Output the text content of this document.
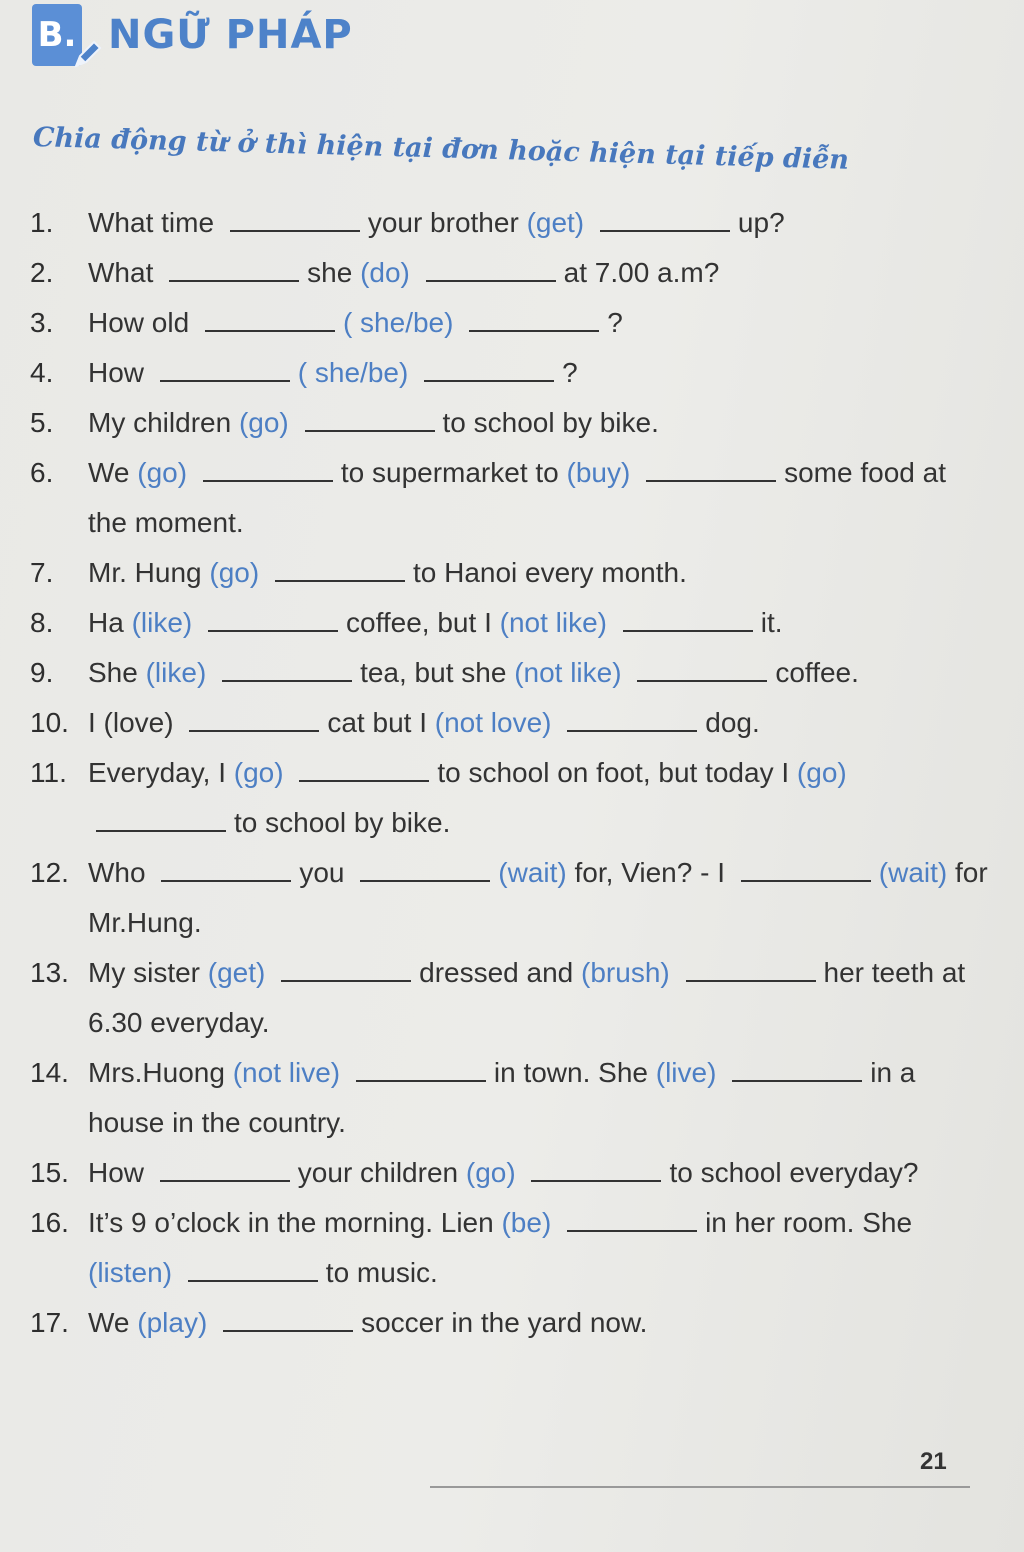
B. NGỮ PHÁP
Chia động từ ở thì hiện tại đơn hoặc hiện tại tiếp diễn
1.	What time	your brother (get)	up?
2.	What	she (do)	at 7.00 a.m?
3.	How old	( she/be)	?
4.	How	( she/be)	?
5.	My children (go)	to school by bike.
6.	We (go)	to supermarket to (buy)	some food at the moment.
7.	Mr. Hung (go)	to Hanoi every month.
8.	Ha (like)	coffee, but I (not like)	it.
9.	She (like)	tea, but she (not like)	coffee.
10. I (love)	cat but I (not love)	dog.
11. Everyday, I (go)	to school on foot, but today I (go) to school by bike.
12. Who	you	(wait) for, Vien? - I	(wait) for Mr.Hung.
13. My sister (get)	dressed and (brush)	her teeth at 6.30 everyday.
14. Mrs.Huong (not live)	in town. She (live)	in a house in the country.
15. How	your children (go)	to school everyday?
16. It’s 9 o’clock in the morning. Lien (be)	in her room. She (listen)	to music.
17. We (play)	soccer in the yard now.
21
